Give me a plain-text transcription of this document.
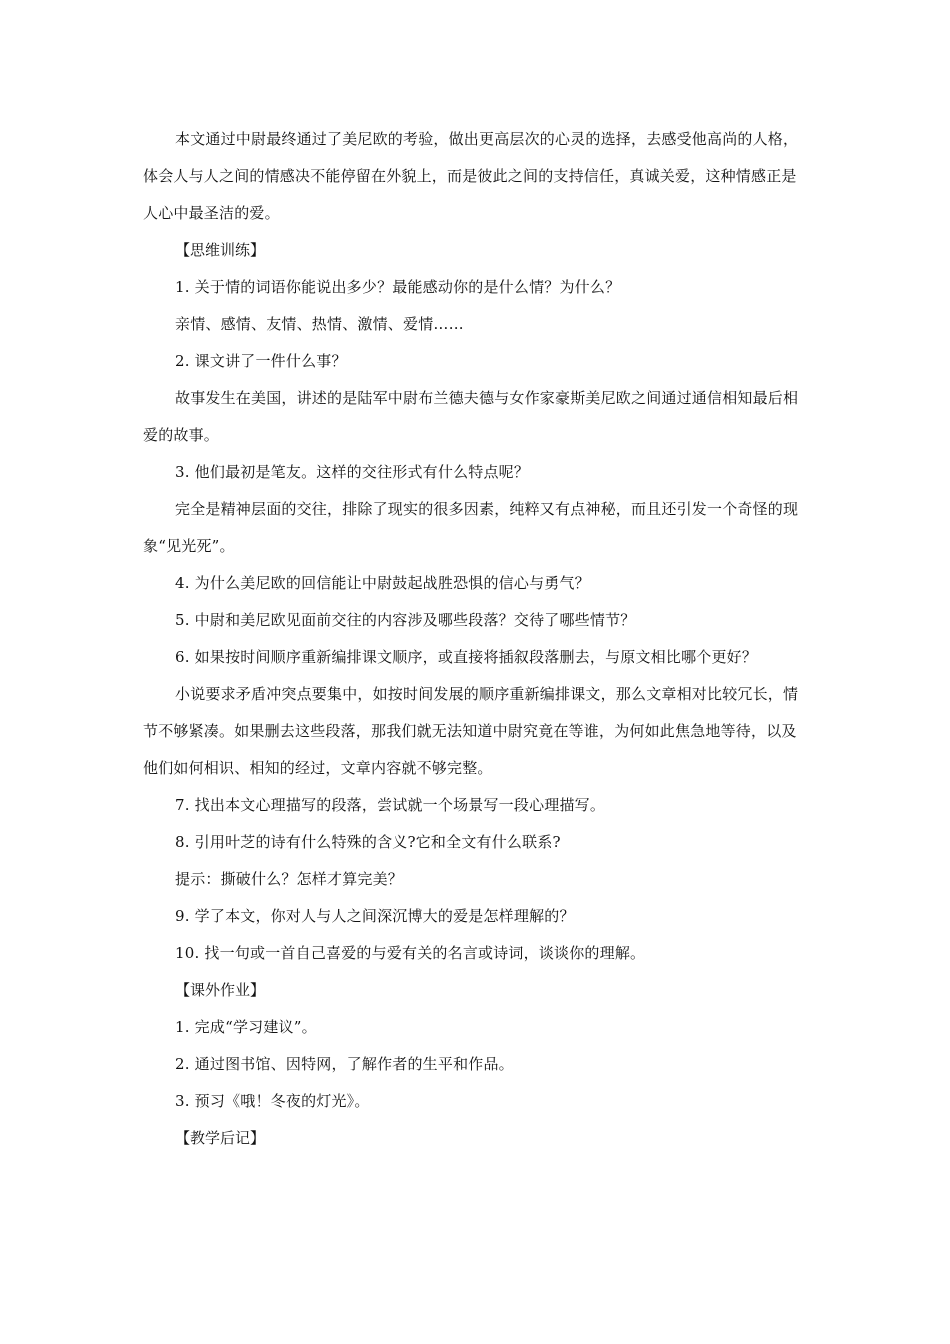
本文通过中尉最终通过了美尼欧的考验，做出更高层次的心灵的选择，去感受他高尚的人格，体会人与人之间的情感决不能停留在外貌上，而是彼此之间的支持信任，真诚关爱，这种情感正是人心中最圣洁的爱。

【思维训练】

1. 关于情的词语你能说出多少？最能感动你的是什么情？为什么？

亲情、感情、友情、热情、激情、爱情……

2. 课文讲了一件什么事？

故事发生在美国，讲述的是陆军中尉布兰德夫德与女作家豪斯美尼欧之间通过通信相知最后相爱的故事。

3. 他们最初是笔友。这样的交往形式有什么特点呢？

完全是精神层面的交往，排除了现实的很多因素，纯粹又有点神秘，而且还引发一个奇怪的现象“见光死”。

4. 为什么美尼欧的回信能让中尉鼓起战胜恐惧的信心与勇气？

5. 中尉和美尼欧见面前交往的内容涉及哪些段落？交待了哪些情节？

6. 如果按时间顺序重新编排课文顺序，或直接将插叙段落删去，与原文相比哪个更好？

小说要求矛盾冲突点要集中，如按时间发展的顺序重新编排课文，那么文章相对比较冗长，情节不够紧凑。如果删去这些段落，那我们就无法知道中尉究竟在等谁，为何如此焦急地等待，以及他们如何相识、相知的经过，文章内容就不够完整。

7. 找出本文心理描写的段落，尝试就一个场景写一段心理描写。

8. 引用叶芝的诗有什么特殊的含义?它和全文有什么联系?

提示：撕破什么？怎样才算完美？

9. 学了本文，你对人与人之间深沉博大的爱是怎样理解的？

10. 找一句或一首自己喜爱的与爱有关的名言或诗词，谈谈你的理解。

【课外作业】

1. 完成“学习建议”。

2. 通过图书馆、因特网，了解作者的生平和作品。

3. 预习《哦！冬夜的灯光》。

【教学后记】
